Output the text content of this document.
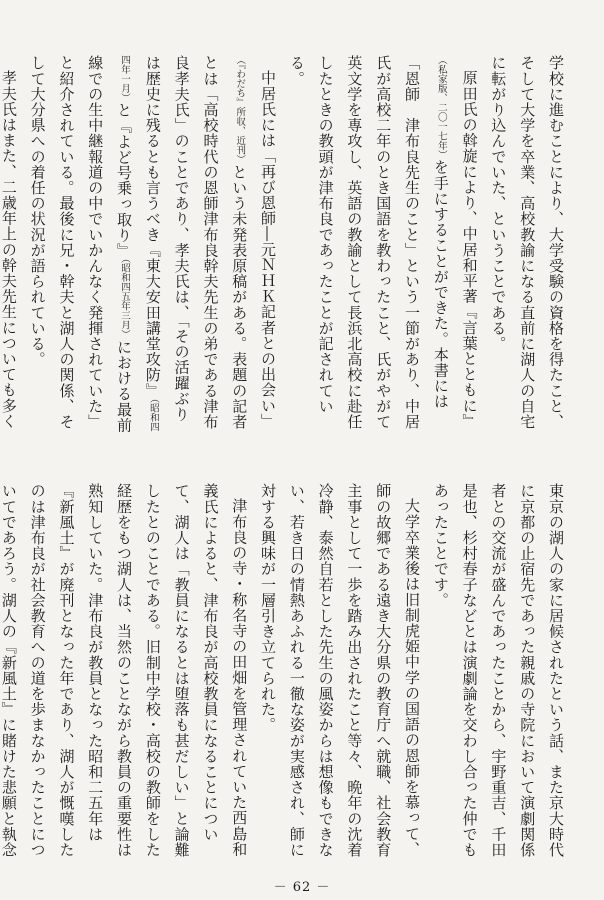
学校に進むことにより、大学受験の資格を得たこと、そして大学を卒業、高校教諭になる直前に湖人の自宅に転がり込んでいた、ということである。

原田氏の斡旋により、中居和平著『言葉とともに』（私家版、二〇一七年）を手にすることができた。本書には「恩師　津布良先生のこと」という一節があり、中居氏が高校二年のとき国語を教わったこと、氏がやがて英文学を専攻し、英語の教諭として長浜北高校に赴任したときの教頭が津布良であったことが記されている。

中居氏には「再び恩師―元ＮＨＫ記者との出会い」（『わだち』所収、近刊）という未発表原稿がある。表題の記者とは「高校時代の恩師津布良幹夫先生の弟である津布良孝夫氏」のことであり、孝夫氏は、「その活躍ぶりは歴史に残るとも言うべき『東大安田講堂攻防』（昭和四四年一月）と『よど号乗っ取り』（昭和四五年三月）における最前線での生中継報道の中でいかんなく発揮されていた」と紹介されている。最後に兄・幹夫と湖人の関係、そして大分県への着任の状況が語られている。

孝夫氏はまた、二歳年上の幹夫先生についても多く

東京の湖人の家に居候されたという話、また京大時代に京都の止宿先であった親戚の寺院において演劇関係者との交流が盛んであったことから、宇野重吉、千田是也、杉村春子などとは演劇論を交わし合った仲でもあったことです。

大学卒業後は旧制虎姫中学の国語の恩師を慕って、師の故郷である遠き大分県の教育庁へ就職、社会教育主事として一歩を踏み出されたこと等々、晩年の沈着冷静、泰然自若とした先生の風姿からは想像もできない、若き日の情熱あふれる一徹な姿が実感され、師に対する興味が一層引き立てられた。

津布良の寺・称名寺の田畑を管理されていた西島和義氏によると、津布良が高校教員になることについて、湖人は「教員になるとは堕落も甚だしい」と論難したとのことである。旧制中学校・高校の教師をした経歴をもつ湖人は、当然のことながら教員の重要性は熟知していた。津布良が教員となった昭和二五年は『新風土』が廃刊となった年であり、湖人が慨嘆したのは津布良が社会教育への道を歩まなかったことについてであろう。湖人の『新風土』に賭けた悲願と執念

－ 62 －
